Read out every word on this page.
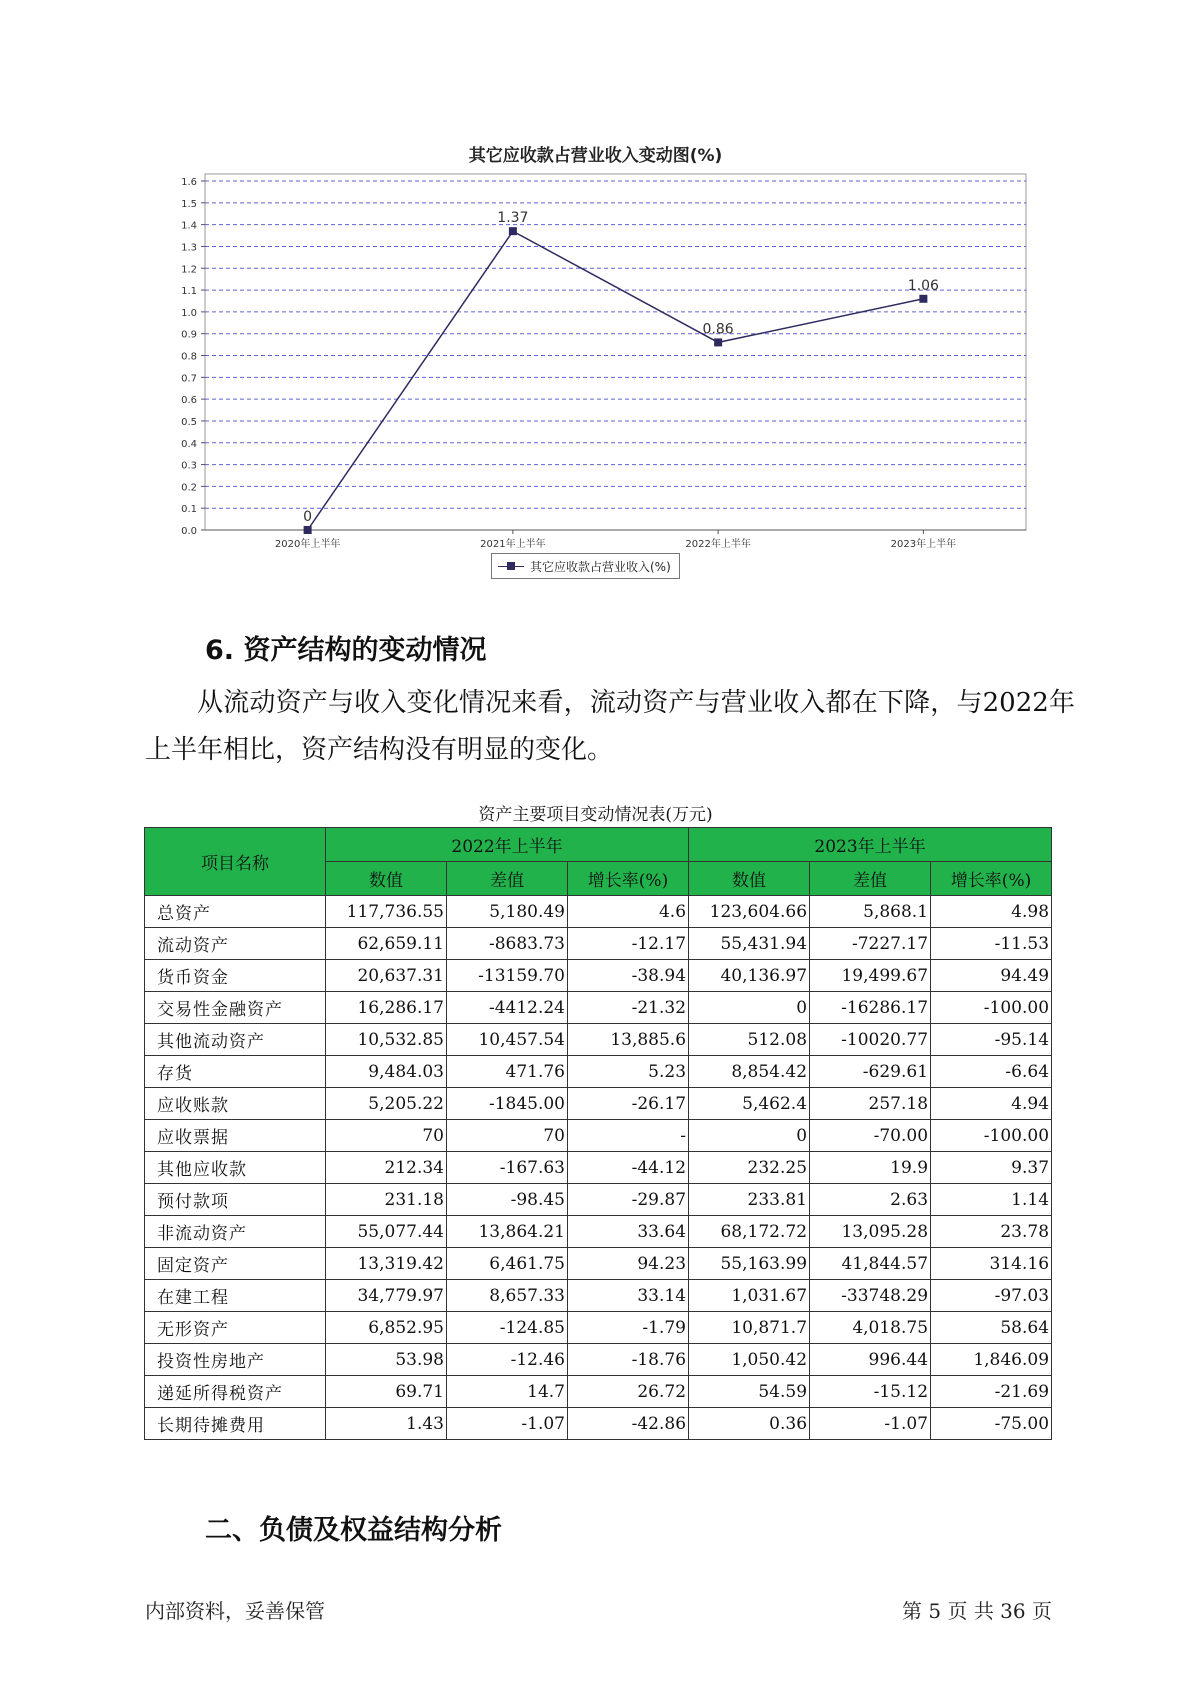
其它应收款占营业收入变动图(%)
0.0
0.1
0.2
0.3
0.4
0.5
0.6
0.7
0.8
0.9
1.0
1.1
1.2
1.3
1.4
1.5
1.6
2020年上半年	2021年上半年	2022年上半年	2023年上半年
0
1.37
0.86
1.06
其它应收款占营业收入(%)
6. 资产结构的变动情况
从流动资产与收入变化情况来看，流动资产与营业收入都在下降，与2022年上半年相比，资产结构没有明显的变化。
资产主要项目变动情况表(万元)
项目名称	2022年上半年			2023年上半年		
	数值	差值	增长率(%)	数值	差值	增长率(%)
总资产	117,736.55	5,180.49	4.6	123,604.66	5,868.1	4.98
流动资产	62,659.11	-8683.73	-12.17	55,431.94	-7227.17	-11.53
货币资金	20,637.31	-13159.70	-38.94	40,136.97	19,499.67	94.49
交易性金融资产	16,286.17	-4412.24	-21.32	0	-16286.17	-100.00
其他流动资产	10,532.85	10,457.54	13,885.6	512.08	-10020.77	-95.14
存货	9,484.03	471.76	5.23	8,854.42	-629.61	-6.64
应收账款	5,205.22	-1845.00	-26.17	5,462.4	257.18	4.94
应收票据	70	70	-	0	-70.00	-100.00
其他应收款	212.34	-167.63	-44.12	232.25	19.9	9.37
预付款项	231.18	-98.45	-29.87	233.81	2.63	1.14
非流动资产	55,077.44	13,864.21	33.64	68,172.72	13,095.28	23.78
固定资产	13,319.42	6,461.75	94.23	55,163.99	41,844.57	314.16
在建工程	34,779.97	8,657.33	33.14	1,031.67	-33748.29	-97.03
无形资产	6,852.95	-124.85	-1.79	10,871.7	4,018.75	58.64
投资性房地产	53.98	-12.46	-18.76	1,050.42	996.44	1,846.09
递延所得税资产	69.71	14.7	26.72	54.59	-15.12	-21.69
长期待摊费用	1.43	-1.07	-42.86	0.36	-1.07	-75.00
二、负债及权益结构分析
内部资料，妥善保管	第 5 页 共 36 页
